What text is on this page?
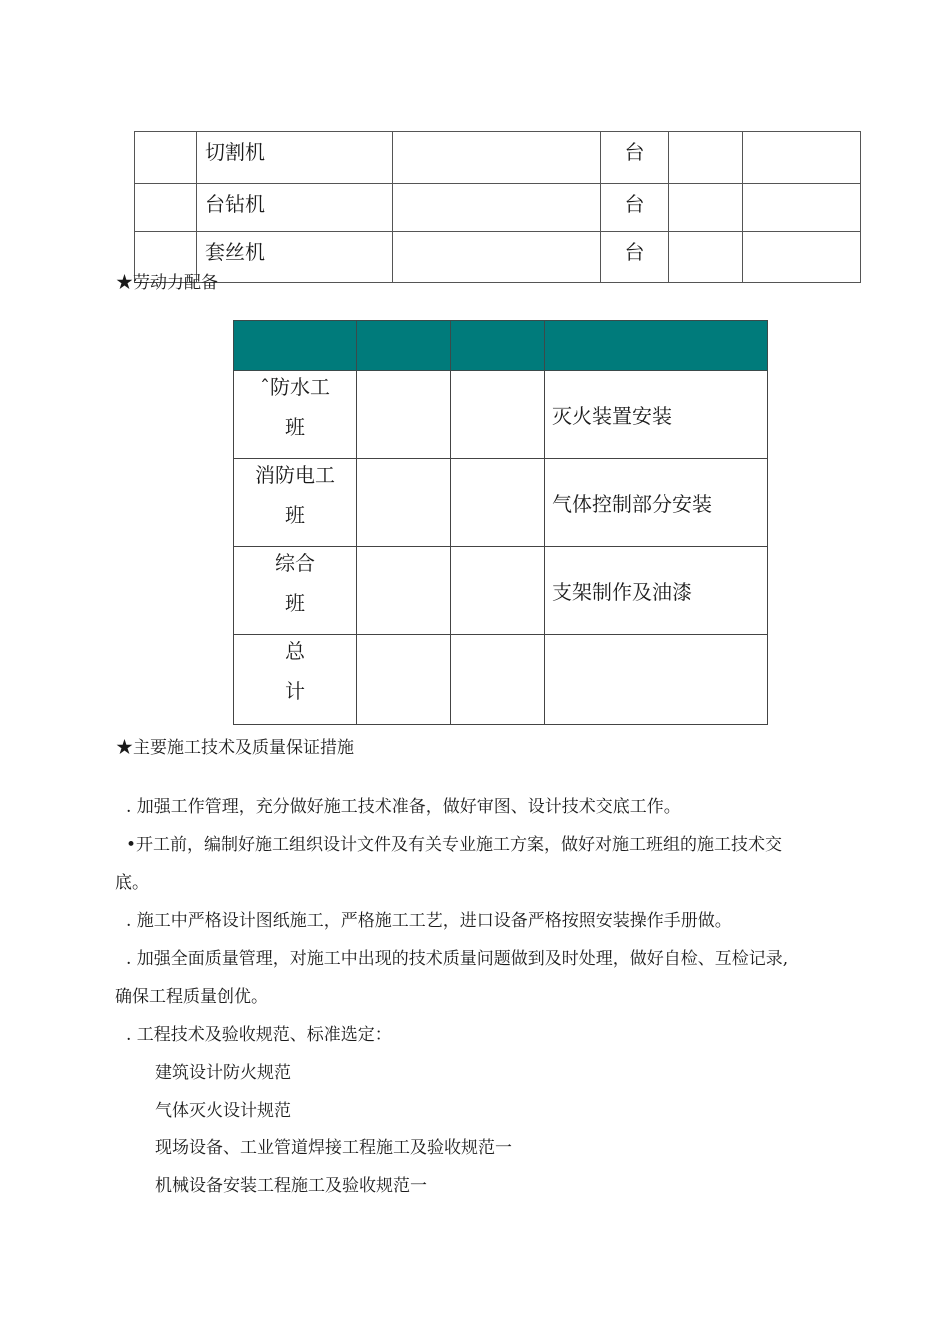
	切割机		台		
	台钻机		台		
	套丝机		台		
★劳动力配备

ˆ防水工
班			灭火装置安装

消防电工
班			气体控制部分安装

综合
班			支架制作及油漆

总
计			

★主要施工技术及质量保证措施
. 加强工作管理，充分做好施工技术准备，做好审图、设计技术交底工作。
•开工前，编制好施工组织设计文件及有关专业施工方案，做好对施工班组的施工技术交
底。
. 施工中严格设计图纸施工，严格施工工艺，进口设备严格按照安装操作手册做。
. 加强全面质量管理，对施工中出现的技术质量问题做到及时处理，做好自检、互检记录,
确保工程质量创优。
. 工程技术及验收规范、标准选定：
建筑设计防火规范
气体灭火设计规范
现场设备、工业管道焊接工程施工及验收规范一
机械设备安装工程施工及验收规范一
